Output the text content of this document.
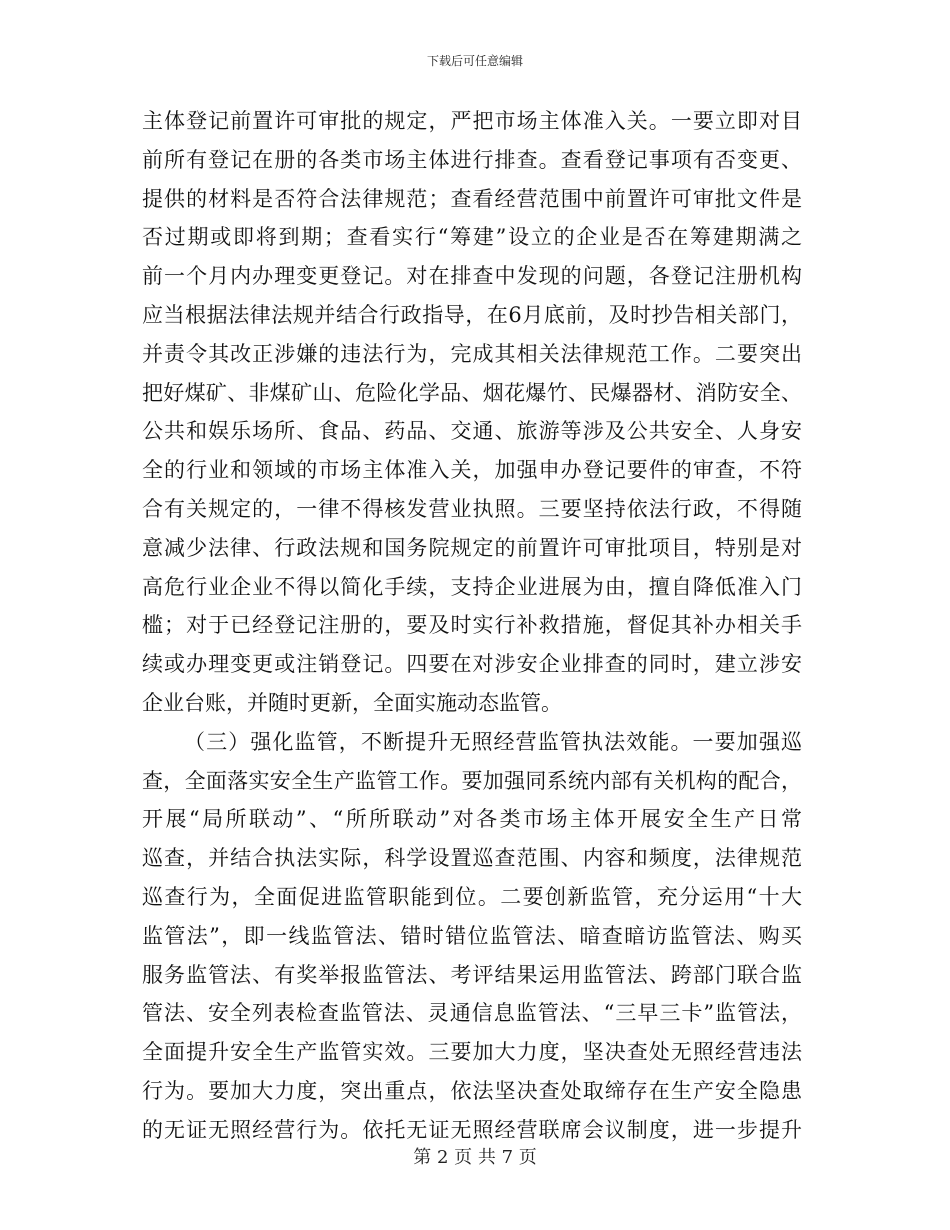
下载后可任意编辑
主体登记前置许可审批的规定，严把市场主体准入关。一要立即对目
前所有登记在册的各类市场主体进行排查。查看登记事项有否变更、
提供的材料是否符合法律规范；查看经营范围中前置许可审批文件是
否过期或即将到期；查看实行“筹建”设立的企业是否在筹建期满之
前一个月内办理变更登记。对在排查中发现的问题，各登记注册机构
应当根据法律法规并结合行政指导，在6月底前，及时抄告相关部门，
并责令其改正涉嫌的违法行为，完成其相关法律规范工作。二要突出
把好煤矿、非煤矿山、危险化学品、烟花爆竹、民爆器材、消防安全、
公共和娱乐场所、食品、药品、交通、旅游等涉及公共安全、人身安
全的行业和领域的市场主体准入关，加强申办登记要件的审查，不符
合有关规定的，一律不得核发营业执照。三要坚持依法行政，不得随
意减少法律、行政法规和国务院规定的前置许可审批项目，特别是对
高危行业企业不得以简化手续，支持企业进展为由，擅自降低准入门
槛；对于已经登记注册的，要及时实行补救措施，督促其补办相关手
续或办理变更或注销登记。四要在对涉安企业排查的同时，建立涉安
企业台账，并随时更新，全面实施动态监管。
（三）强化监管，不断提升无照经营监管执法效能。一要加强巡
查，全面落实安全生产监管工作。要加强同系统内部有关机构的配合，
开展“局所联动”、“所所联动”对各类市场主体开展安全生产日常
巡查，并结合执法实际，科学设置巡查范围、内容和频度，法律规范
巡查行为，全面促进监管职能到位。二要创新监管，充分运用“十大
监管法”，即一线监管法、错时错位监管法、暗查暗访监管法、购买
服务监管法、有奖举报监管法、考评结果运用监管法、跨部门联合监
管法、安全列表检查监管法、灵通信息监管法、“三早三卡”监管法，
全面提升安全生产监管实效。三要加大力度，坚决查处无照经营违法
行为。要加大力度，突出重点，依法坚决查处取缔存在生产安全隐患
的无证无照经营行为。依托无证无照经营联席会议制度，进一步提升
第 2 页 共 7 页
